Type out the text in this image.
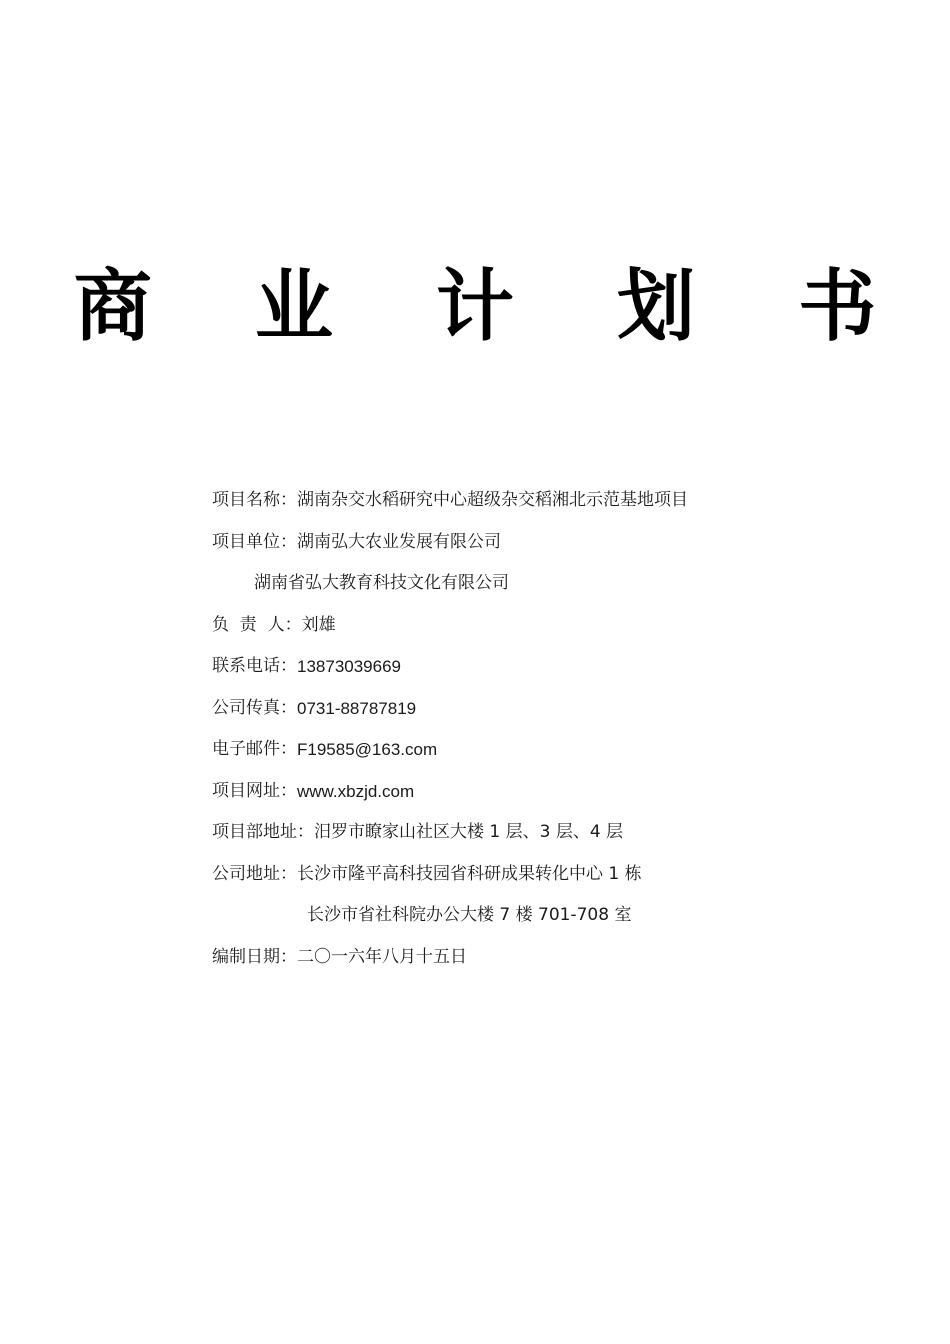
商 业 计 划 书
项目名称： 湖南杂交水稻研究中心超级杂交稻湘北示范基地项目
项目单位： 湖南弘大农业发展有限公司
湖南省弘大教育科技文化有限公司
负  责  人： 刘雄
联系电话： 13873039669
公司传真： 0731-88787819
电子邮件： F19585@163.com
项目网址： www.xbzjd.com
项目部地址： 汨罗市瞭家山社区大楼 1 层、3 层、4 层
公司地址： 长沙市隆平高科技园省科研成果转化中心 1 栋
长沙市省社科院办公大楼 7 楼 701-708 室
编制日期： 二〇一六年八月十五日
